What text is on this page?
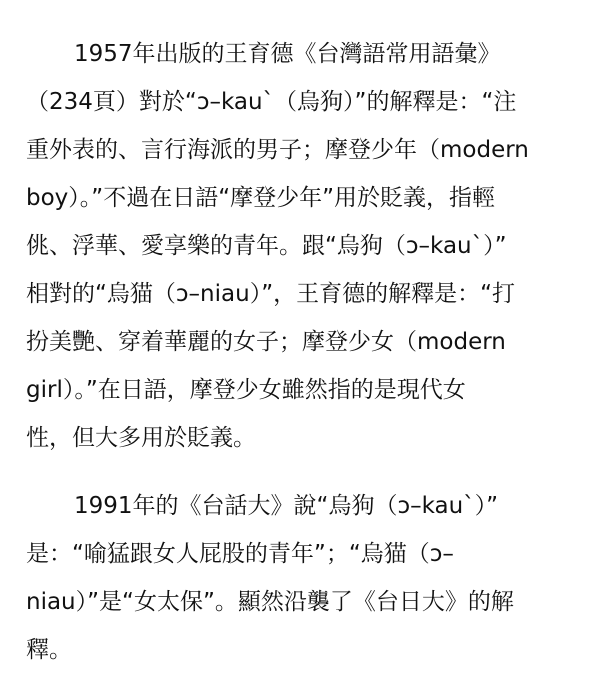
1957年出版的王育德《台灣語常用語彙》
（234頁）對於“ɔ–kau`（烏狗）”的解釋是：“注
重外表的、言行海派的男子；摩登少年（modern
boy）。”不過在日語“摩登少年”用於貶義，指輕
佻、浮華、愛享樂的青年。跟“烏狗（ɔ–kau`）”
相對的“烏猫（ɔ–niau）”，王育德的解釋是：“打
扮美艷、穿着華麗的女子；摩登少女（modern
girl）。”在日語，摩登少女雖然指的是現代女
性，但大多用於貶義。
1991年的《台話大》說“烏狗（ɔ–kau`）”
是：“喻猛跟女人屁股的青年”；“烏猫（ɔ–
niau）”是“女太保”。顯然沿襲了《台日大》的解
釋。
